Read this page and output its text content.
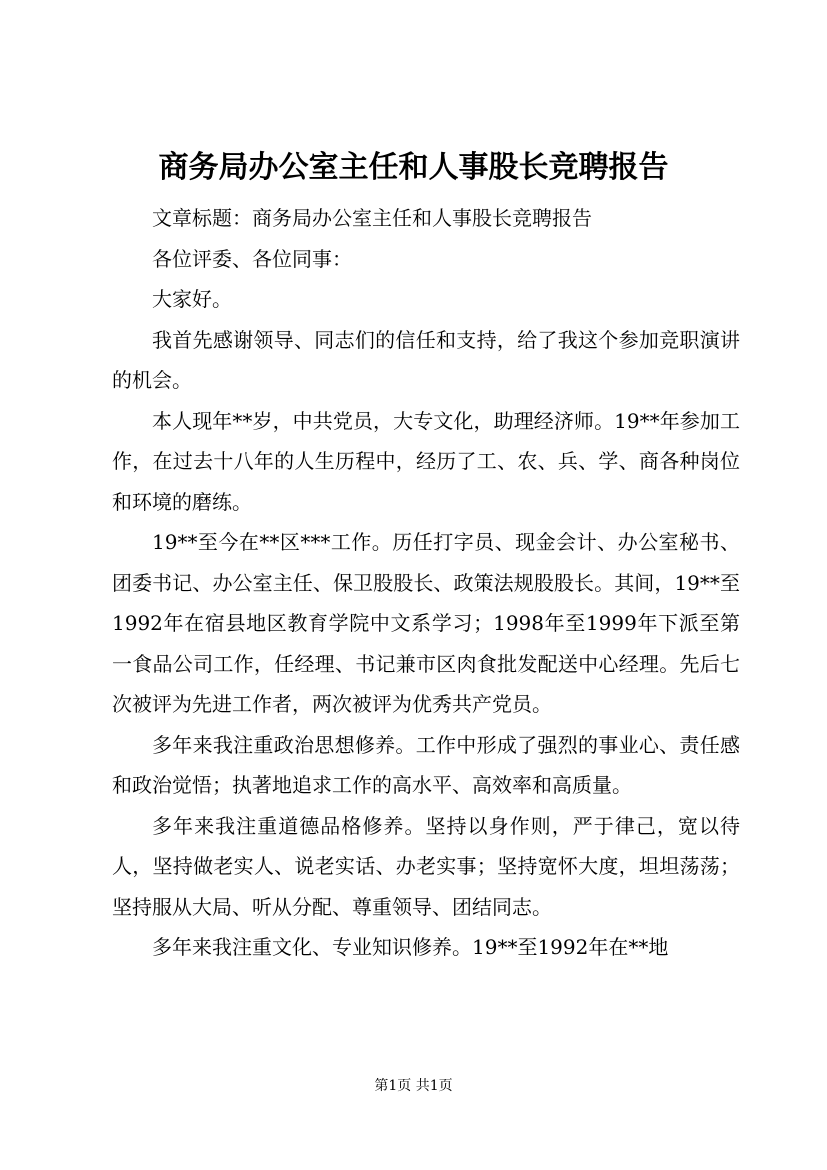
商务局办公室主任和人事股长竞聘报告

文章标题：商务局办公室主任和人事股长竞聘报告

各位评委、各位同事：

大家好。

我首先感谢领导、同志们的信任和支持，给了我这个参加竞职演讲的机会。

本人现年**岁，中共党员，大专文化，助理经济师。19**年参加工作，在过去十八年的人生历程中，经历了工、农、兵、学、商各种岗位和环境的磨练。

19**至今在**区***工作。历任打字员、现金会计、办公室秘书、团委书记、办公室主任、保卫股股长、政策法规股股长。其间，19**至1992年在宿县地区教育学院中文系学习；1998年至1999年下派至第一食品公司工作，任经理、书记兼市区肉食批发配送中心经理。先后七次被评为先进工作者，两次被评为优秀共产党员。

多年来我注重政治思想修养。工作中形成了强烈的事业心、责任感和政治觉悟；执著地追求工作的高水平、高效率和高质量。

多年来我注重道德品格修养。坚持以身作则，严于律己，宽以待人，坚持做老实人、说老实话、办老实事；坚持宽怀大度，坦坦荡荡；坚持服从大局、听从分配、尊重领导、团结同志。

多年来我注重文化、专业知识修养。19**至1992年在**地

第1页 共1页
